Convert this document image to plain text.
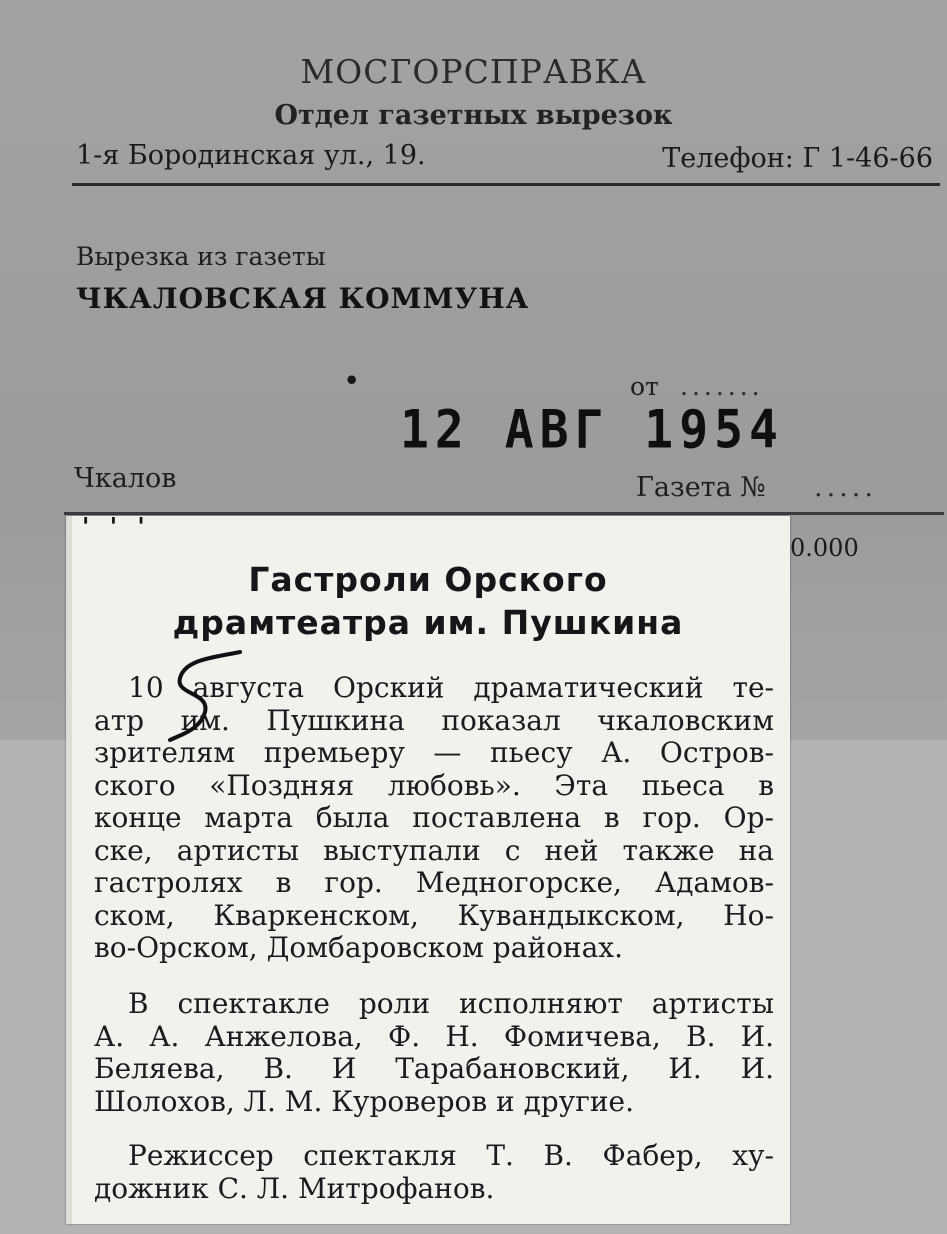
МОСГОРСПРАВКА
Отдел газетных вырезок
1-я Бородинская ул., 19.	Телефон: Г 1-46-66
Вырезка из газеты
ЧКАЛОВСКАЯ КОММУНА
•	от .......
12 АВГ 1954
Чкалов	Газета № .....
0.000
Гастроли Орского
драмтеатра им. Пушкина
' ' '
10 августа Орский драматический те-
атр им. Пушкина показал чкаловским
зрителям премьеру — пьесу А. Остров-
ского «Поздняя любовь». Эта пьеса в
конце марта была поставлена в гор. Ор-
ске, артисты выступали с ней также на
гастролях в гор. Медногорске, Адамов-
ском, Кваркенском, Кувандыкском, Но-
во-Орском, Домбаровском районах.
В спектакле роли исполняют артисты
А. А. Анжелова, Ф. Н. Фомичева, В. И.
Беляева, В. И Тарабановский, И. И.
Шолохов, Л. М. Куроверов и другие.
Режиссер спектакля Т. В. Фабер, ху-
дожник С. Л. Митрофанов.
